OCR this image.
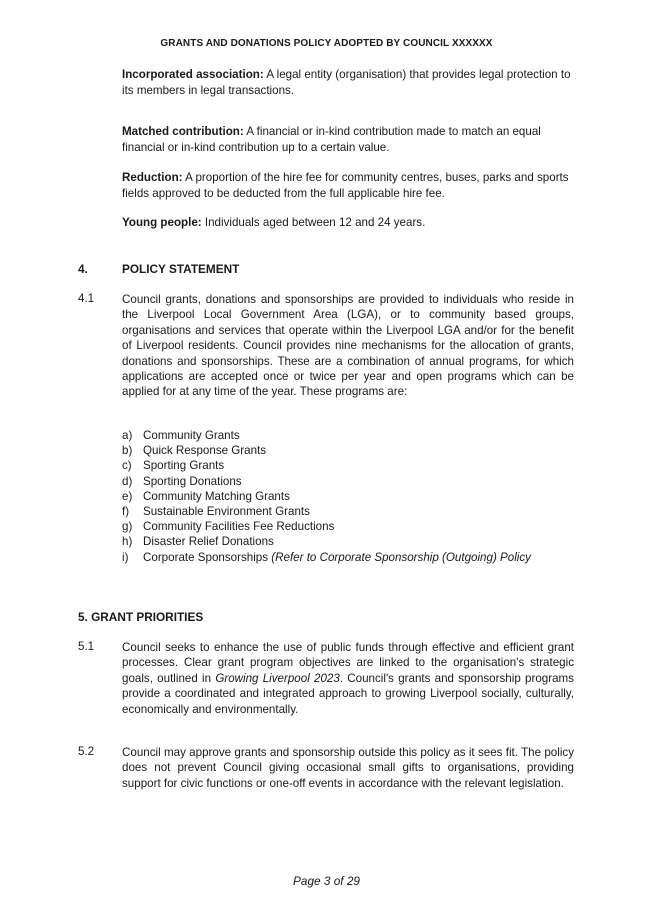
GRANTS AND DONATIONS POLICY ADOPTED BY COUNCIL XXXXXX

Incorporated association: A legal entity (organisation) that provides legal protection to its members in legal transactions.

Matched contribution: A financial or in-kind contribution made to match an equal financial or in-kind contribution up to a certain value.

Reduction: A proportion of the hire fee for community centres, buses, parks and sports fields approved to be deducted from the full applicable hire fee.

Young people: Individuals aged between 12 and 24 years.

4.	POLICY STATEMENT
4.1 Council grants, donations and sponsorships are provided to individuals who reside in the Liverpool Local Government Area (LGA), or to community based groups, organisations and services that operate within the Liverpool LGA and/or for the benefit of Liverpool residents. Council provides nine mechanisms for the allocation of grants, donations and sponsorships. These are a combination of annual programs, for which applications are accepted once or twice per year and open programs which can be applied for at any time of the year. These programs are:

a) Community Grants
b) Quick Response Grants
c) Sporting Grants
d) Sporting Donations
e) Community Matching Grants
f) Sustainable Environment Grants
g) Community Facilities Fee Reductions
h) Disaster Relief Donations
i) Corporate Sponsorships (Refer to Corporate Sponsorship (Outgoing) Policy
5. GRANT PRIORITIES
5.1 Council seeks to enhance the use of public funds through effective and efficient grant processes. Clear grant program objectives are linked to the organisation's strategic goals, outlined in Growing Liverpool 2023. Council's grants and sponsorship programs provide a coordinated and integrated approach to growing Liverpool socially, culturally, economically and environmentally.

5.2 Council may approve grants and sponsorship outside this policy as it sees fit. The policy does not prevent Council giving occasional small gifts to organisations, providing support for civic functions or one-off events in accordance with the relevant legislation.

Page 3 of 29
